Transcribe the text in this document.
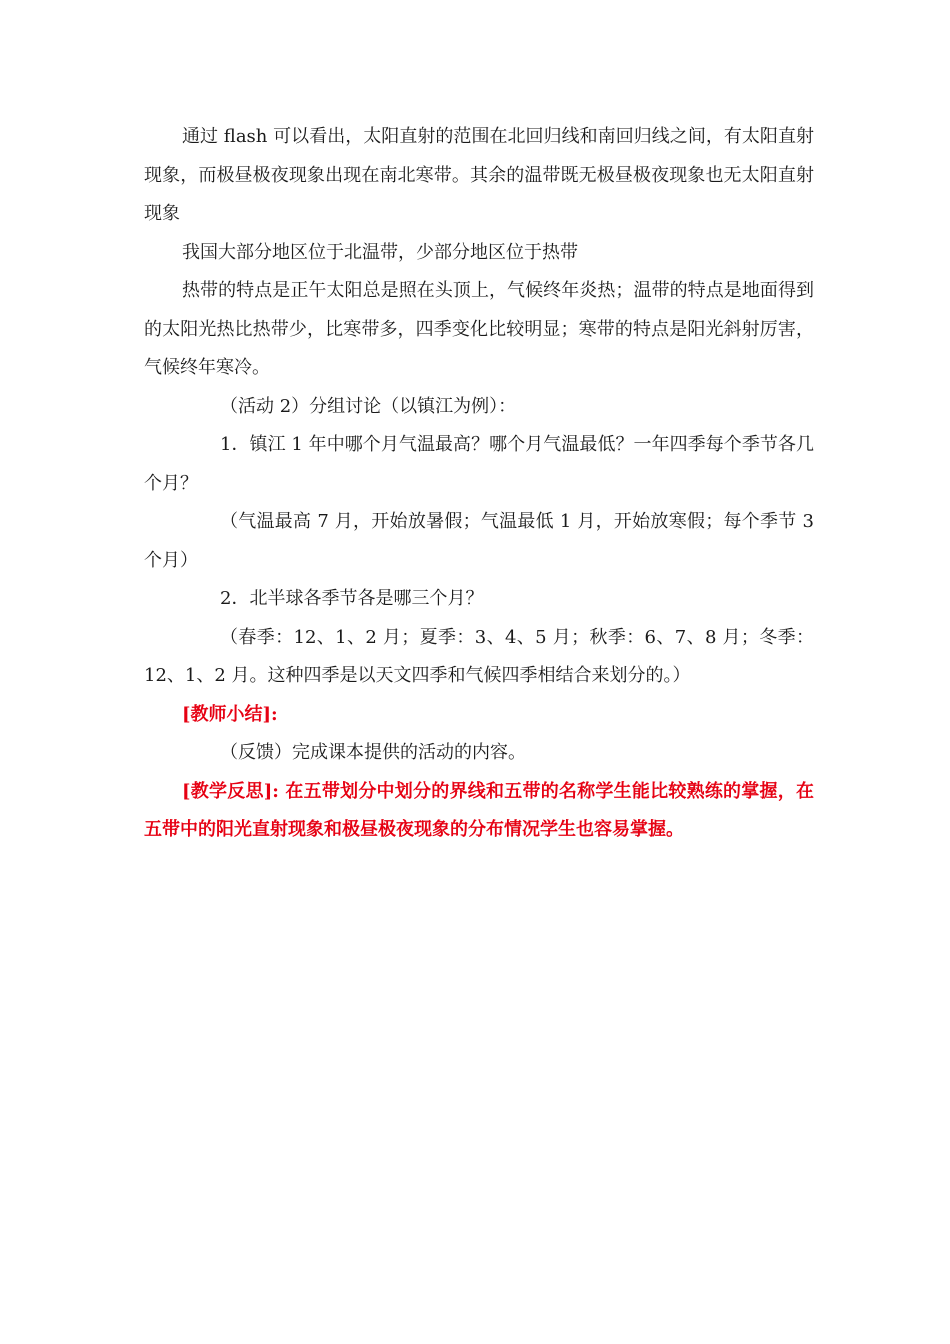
通过 flash 可以看出，太阳直射的范围在北回归线和南回归线之间，有太阳直射现象，而极昼极夜现象出现在南北寒带。其余的温带既无极昼极夜现象也无太阳直射现象

我国大部分地区位于北温带，少部分地区位于热带

热带的特点是正午太阳总是照在头顶上，气候终年炎热；温带的特点是地面得到的太阳光热比热带少，比寒带多，四季变化比较明显；寒带的特点是阳光斜射厉害，气候终年寒冷。

（活动 2）分组讨论（以镇江为例）：

1．镇江 1 年中哪个月气温最高？哪个月气温最低？一年四季每个季节各几个月？

（气温最高 7 月，开始放暑假；气温最低 1 月，开始放寒假；每个季节 3 个月）

2．北半球各季节各是哪三个月？

（春季：12、1、2 月；夏季：3、4、5 月；秋季：6、7、8 月；冬季：12、1、2 月。这种四季是以天文四季和气候四季相结合来划分的。）

[教师小结]:

（反馈）完成课本提供的活动的内容。

[教学反思]: 在五带划分中划分的界线和五带的名称学生能比较熟练的掌握，在五带中的阳光直射现象和极昼极夜现象的分布情况学生也容易掌握。
